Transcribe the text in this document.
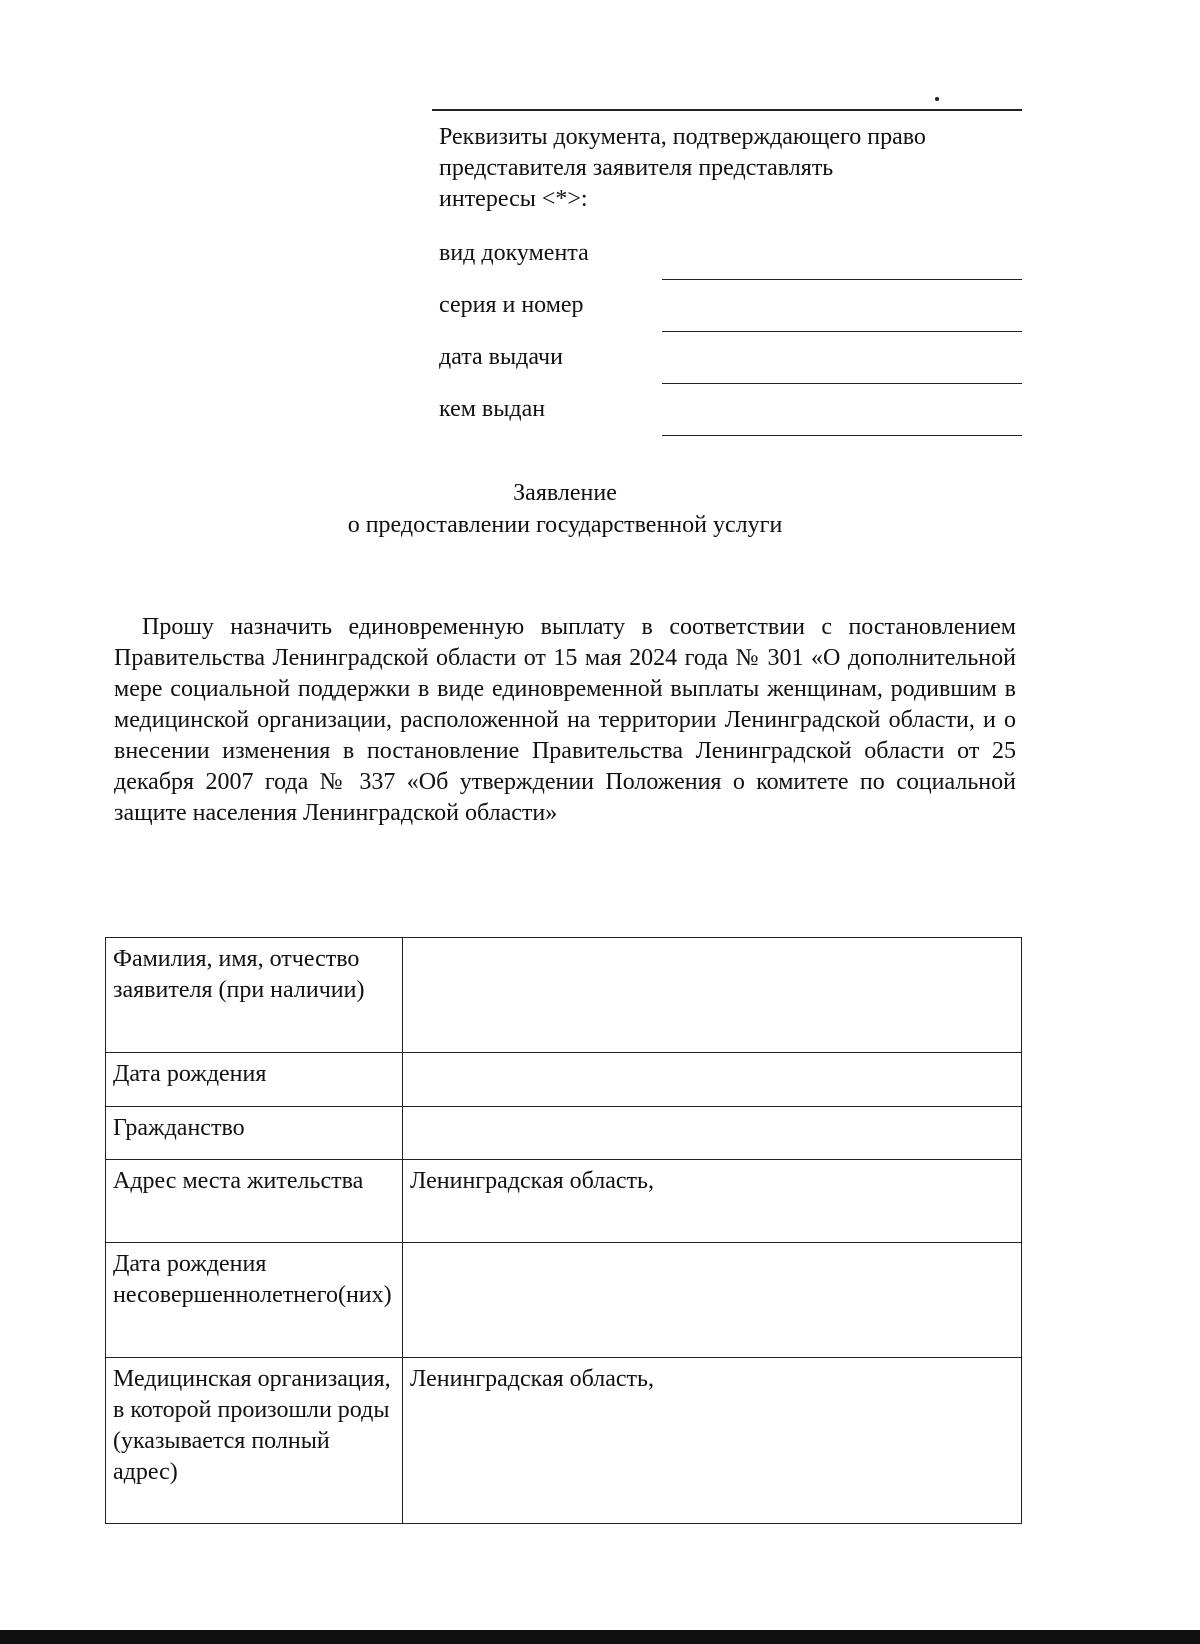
Реквизиты документа, подтверждающего право
представителя заявителя представлять
интересы <*>:
вид документа
серия и номер
дата выдачи
кем выдан
Заявление
о предоставлении государственной услуги

Прошу назначить единовременную выплату в соответствии с постановлением Правительства Ленинградской области от 15 мая 2024 года № 301 «О дополнительной мере социальной поддержки в виде единовременной выплаты женщинам, родившим в медицинской организации, расположенной на территории Ленинградской области, и о внесении изменения в постановление Правительства Ленинградской области от 25 декабря 2007 года № 337 «Об утверждении Положения о комитете по социальной защите населения Ленинградской области»

Фамилия, имя, отчество заявителя (при наличии)	
Дата рождения	
Гражданство	
Адрес места жительства	Ленинградская область,
Дата рождения несовершеннолетнего(них)	
Медицинская организация, в которой произошли роды (указывается полный адрес)	Ленинградская область,
